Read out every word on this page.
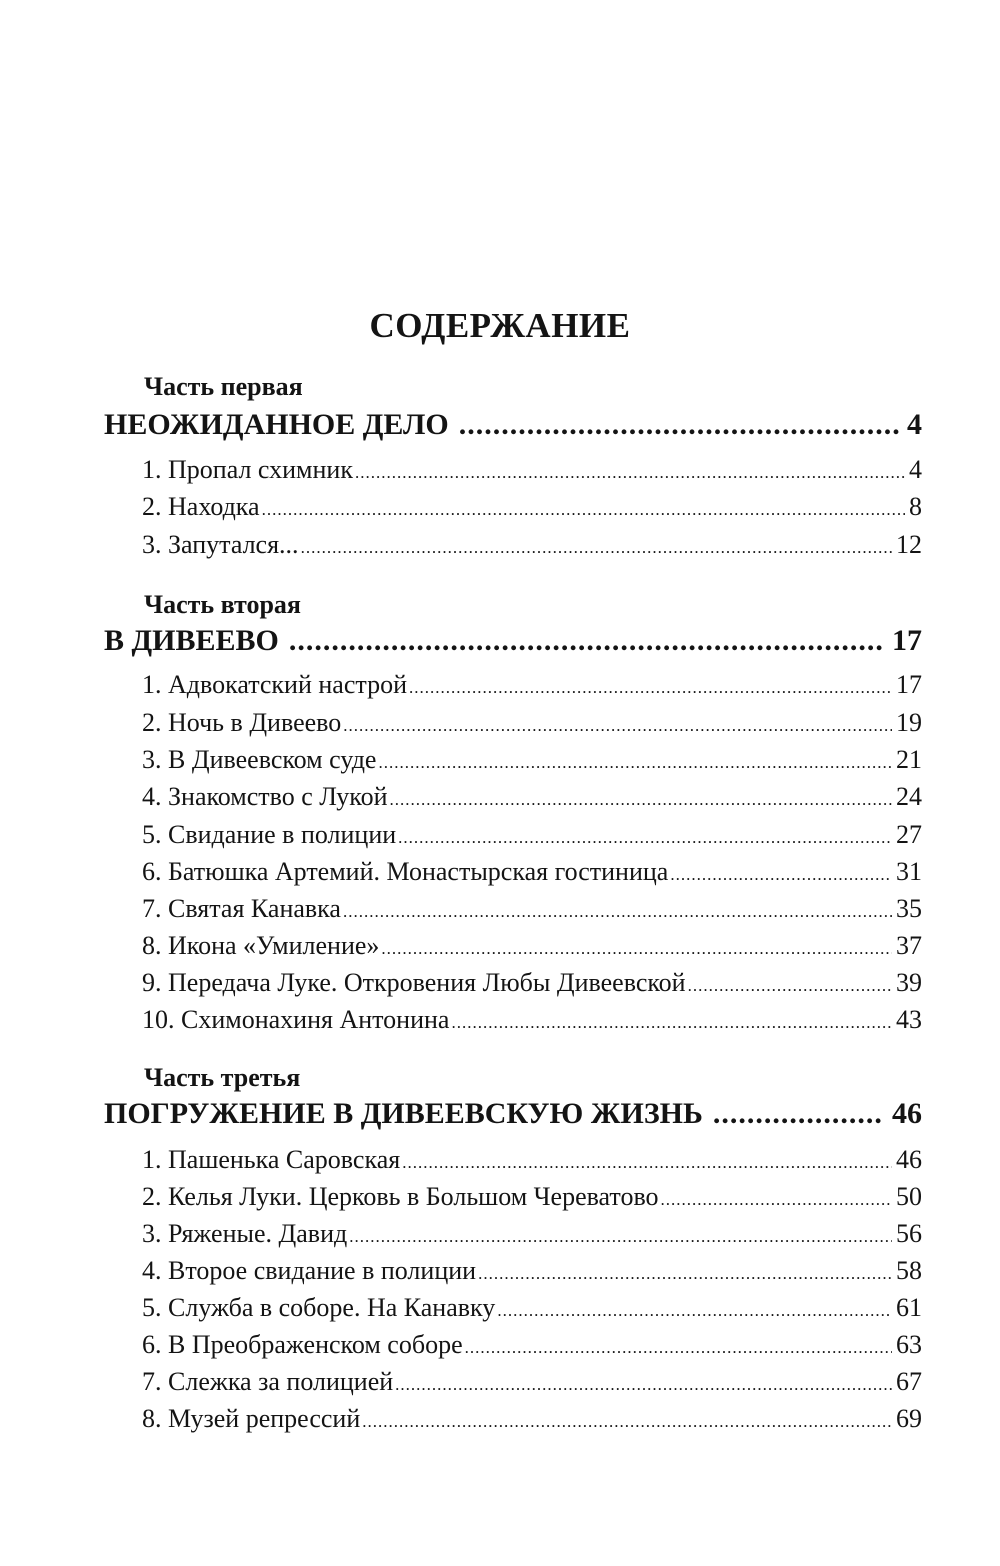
СОДЕРЖАНИЕ
Часть первая
НЕОЖИДАННОЕ ДЕЛО .....	4
1. Пропал схимник .....	4
2. Находка .....	8
3. Запутался... .....	12
Часть вторая
В ДИВЕЕВО .....	17
1. Адвокатский настрой .....	17
2. Ночь в Дивеево .....	19
3. В Дивеевском суде .....	21
4. Знакомство с Лукой .....	24
5. Свидание в полиции .....	27
6. Батюшка Артемий. Монастырская гостиница .....	31
7. Святая Канавка .....	35
8. Икона «Умиление» .....	37
9. Передача Луке. Откровения Любы Дивеевской .....	39
10. Схимонахиня Антонина .....	43
Часть третья
ПОГРУЖЕНИЕ В ДИВЕЕВСКУЮ ЖИЗНЬ .....	46
1. Пашенька Саровская .....	46
2. Келья Луки. Церковь в Большом Череватово .....	50
3. Ряженые. Давид .....	56
4. Второе свидание в полиции .....	58
5. Служба в соборе. На Канавку .....	61
6. В Преображенском соборе .....	63
7. Слежка за полицией .....	67
8. Музей репрессий .....	69
